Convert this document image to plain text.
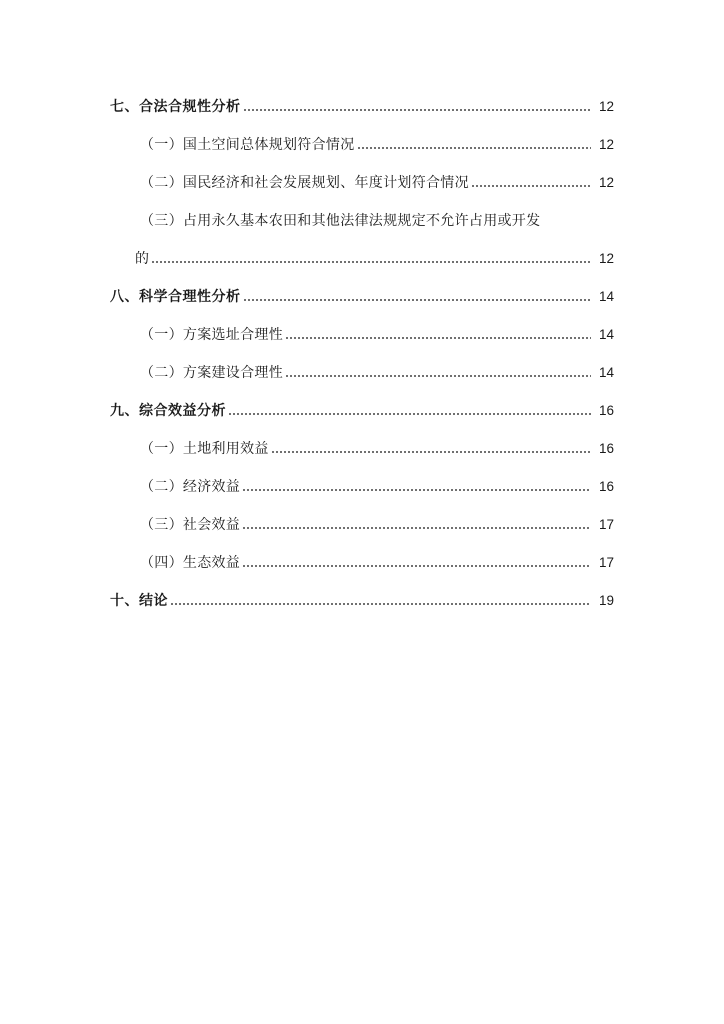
七、合法合规性分析	12
（一）国土空间总体规划符合情况	12
（二）国民经济和社会发展规划、年度计划符合情况	12
（三）占用永久基本农田和其他法律法规规定不允许占用或开发
的	12
八、科学合理性分析	14
（一）方案选址合理性	14
（二）方案建设合理性	14
九、综合效益分析	16
（一）土地利用效益	16
（二）经济效益	16
（三）社会效益	17
（四）生态效益	17
十、结论	19
